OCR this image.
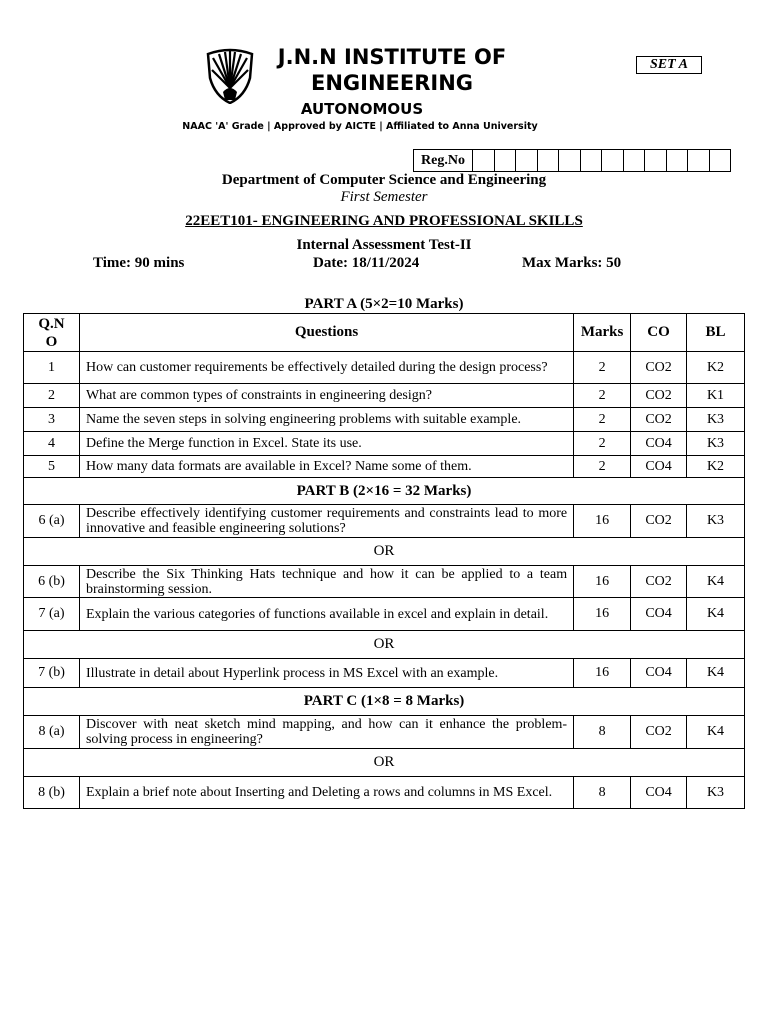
J.N.N INSTITUTE OF ENGINEERING
AUTONOMOUS
NAAC 'A' Grade | Approved by AICTE | Affiliated to Anna University
SET A
Reg.No												
Department of Computer Science and Engineering
First Semester
22EET101- ENGINEERING AND PROFESSIONAL SKILLS
Internal Assessment Test-II
Time: 90 mins	Date: 18/11/2024	Max Marks: 50
PART A (5×2=10 Marks)
Q.N O	Questions	Marks	CO	BL
1	How can customer requirements be effectively detailed during the design process?	2	CO2	K2
2	What are common types of constraints in engineering design?	2	CO2	K1
3	Name the seven steps in solving engineering problems with suitable example.	2	CO2	K3
4	Define the Merge function in Excel. State its use.	2	CO4	K3
5	How many data formats are available in Excel? Name some of them.	2	CO4	K2
PART B (2×16 = 32 Marks)				
6 (a)	Describe effectively identifying customer requirements and constraints lead to more innovative and feasible engineering solutions?	16	CO2	K3
OR				
6 (b)	Describe the Six Thinking Hats technique and how it can be applied to a team brainstorming session.	16	CO2	K4
7 (a)	Explain the various categories of functions available in excel and explain in detail.	16	CO4	K4
OR				
7 (b)	Illustrate in detail about Hyperlink process in MS Excel with an example.	16	CO4	K4
PART C (1×8 = 8 Marks)				
8 (a)	Discover with neat sketch mind mapping, and how can it enhance the problem-solving process in engineering?	8	CO2	K4
OR				
8 (b)	Explain a brief note about Inserting and Deleting a rows and columns in MS Excel.	8	CO4	K3
